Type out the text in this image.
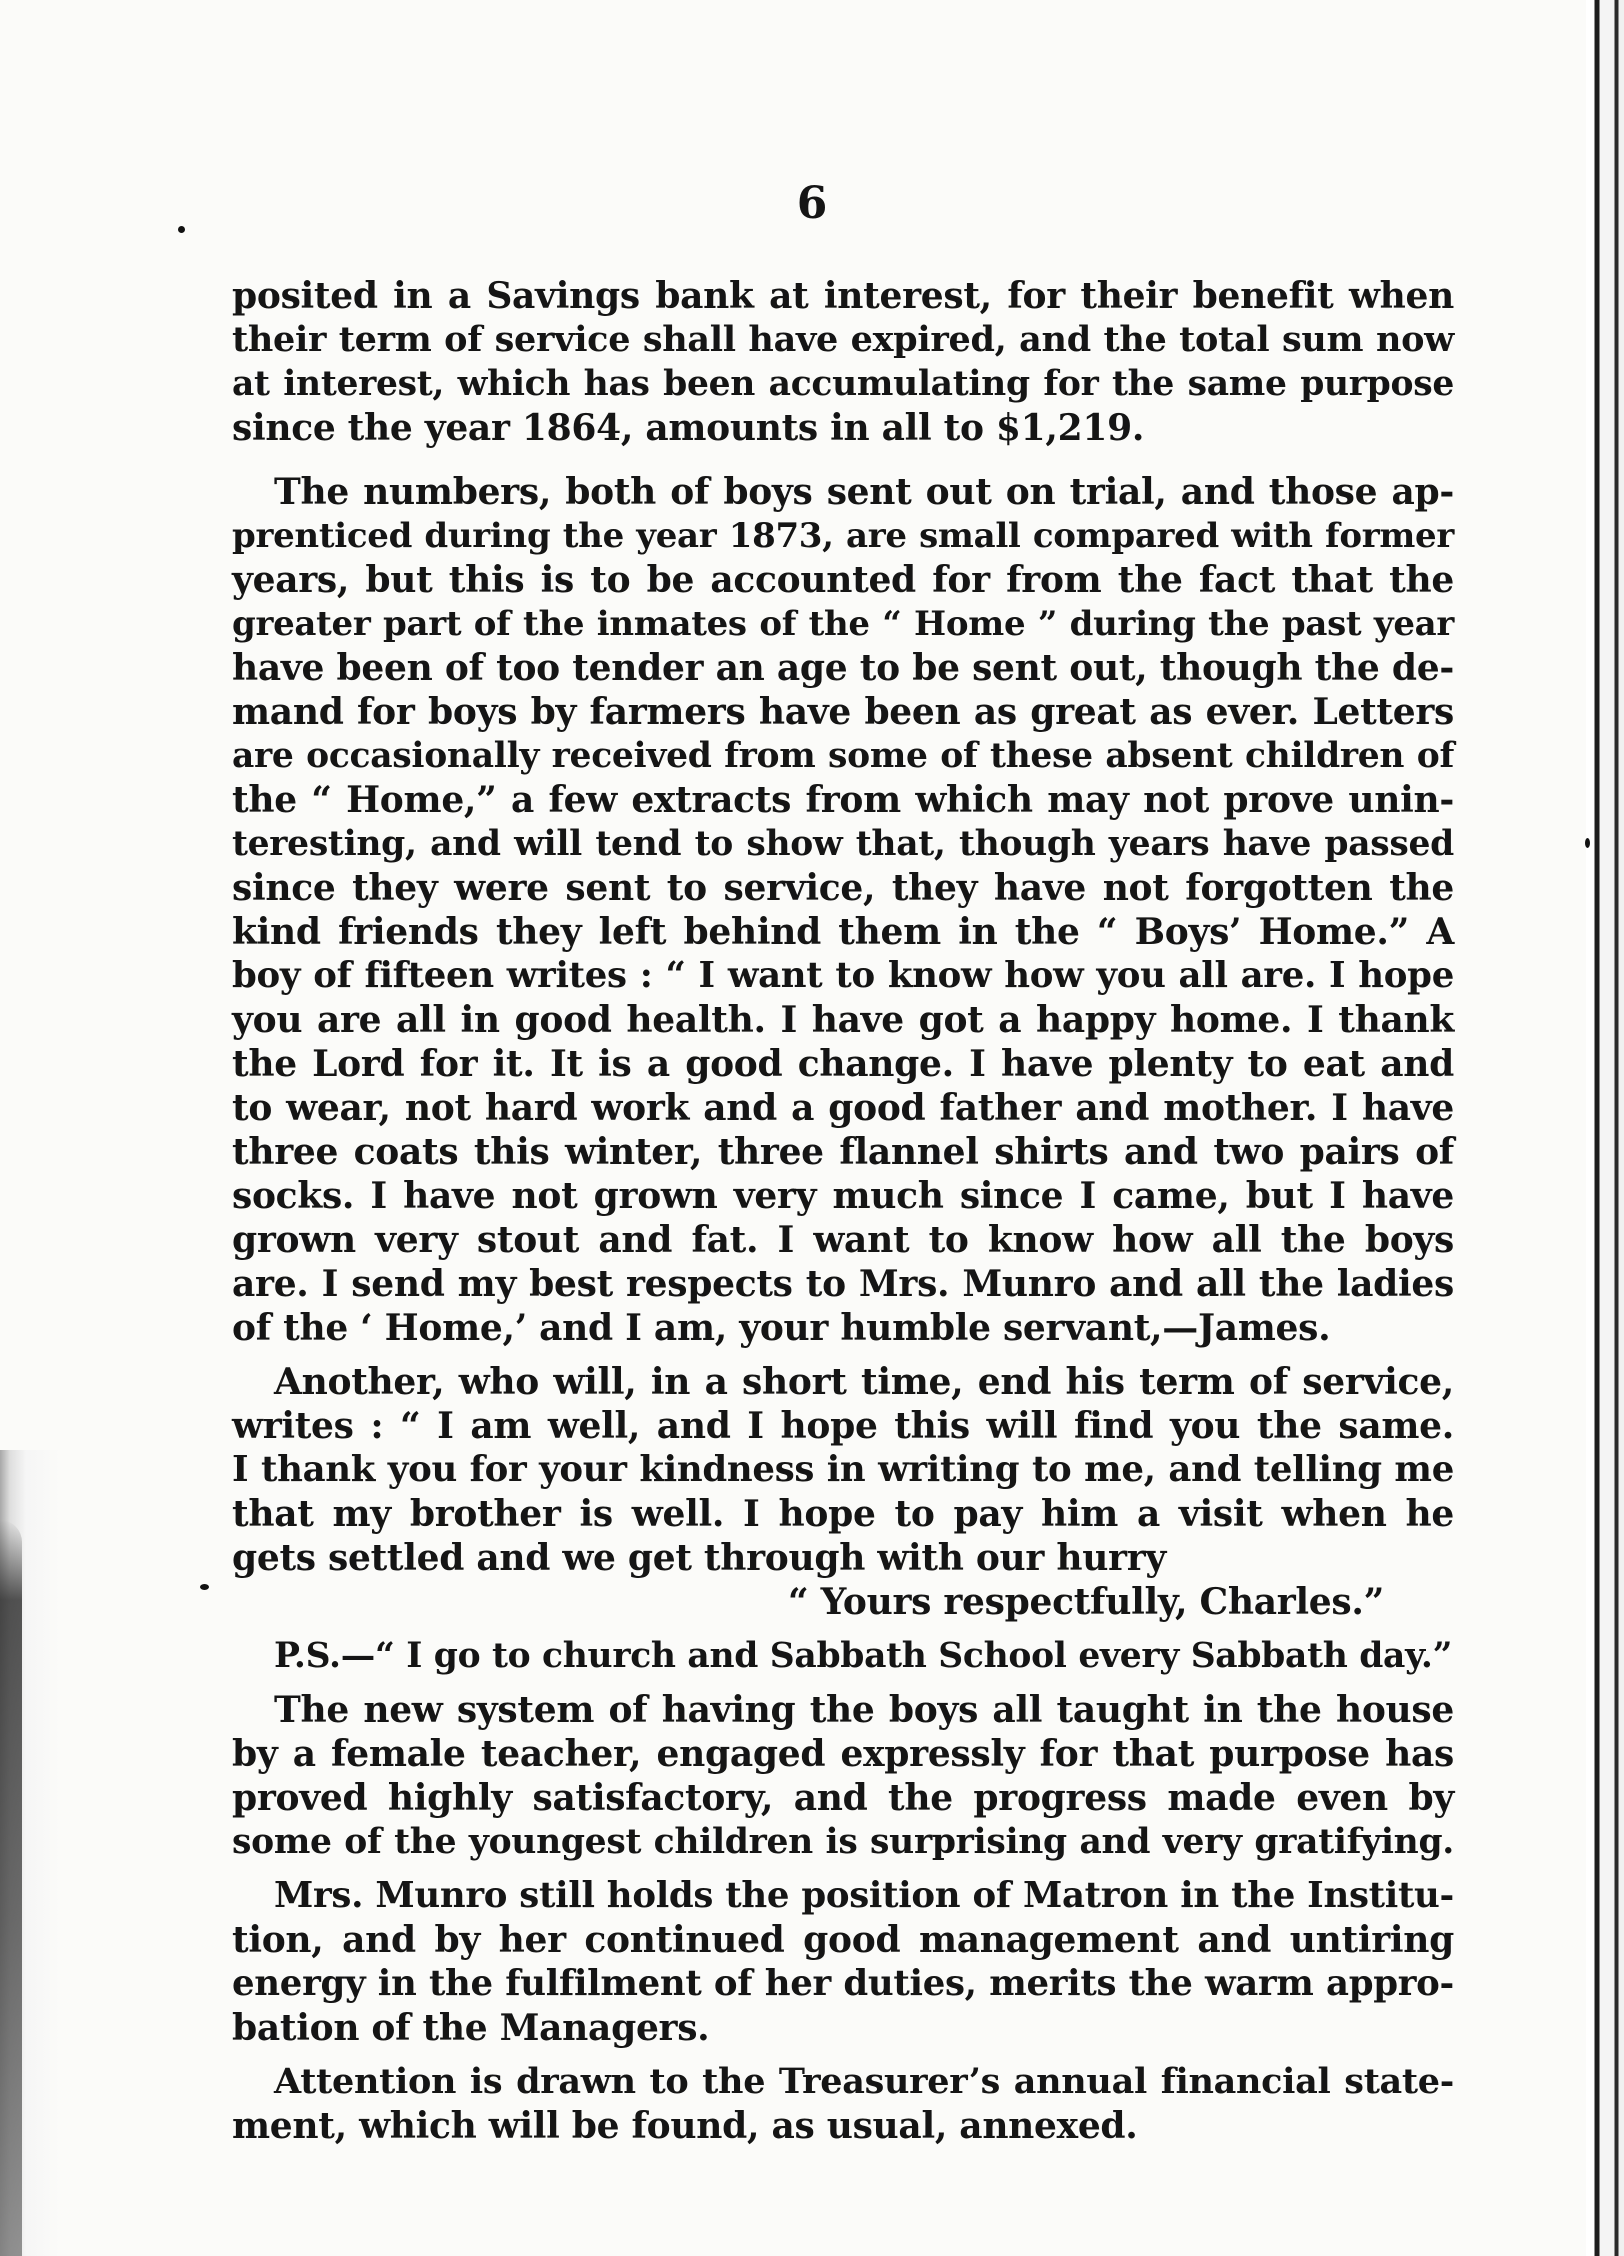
6
posited in a Savings bank at interest, for their benefit when
their term of service shall have expired, and the total sum now
at interest, which has been accumulating for the same purpose
since the year 1864, amounts in all to $1,219.
The numbers, both of boys sent out on trial, and those ap-
prenticed during the year 1873, are small compared with former
years, but this is to be accounted for from the fact that the
greater part of the inmates of the “ Home ” during the past year
have been of too tender an age to be sent out, though the de-
mand for boys by farmers have been as great as ever. Letters
are occasionally received from some of these absent children of
the “ Home,” a few extracts from which may not prove unin-
teresting, and will tend to show that, though years have passed
since they were sent to service, they have not forgotten the
kind friends they left behind them in the “ Boys’ Home.” A
boy of fifteen writes : “ I want to know how you all are. I hope
you are all in good health. I have got a happy home. I thank
the Lord for it. It is a good change. I have plenty to eat and
to wear, not hard work and a good father and mother. I have
three coats this winter, three flannel shirts and two pairs of
socks. I have not grown very much since I came, but I have
grown very stout and fat. I want to know how all the boys
are. I send my best respects to Mrs. Munro and all the ladies
of the ‘ Home,’ and I am, your humble servant,—James.
Another, who will, in a short time, end his term of service,
writes : “ I am well, and I hope this will find you the same.
I thank you for your kindness in writing to me, and telling me
that my brother is well. I hope to pay him a visit when he
gets settled and we get through with our hurry
“ Yours respectfully, Charles.”
P.S.—“ I go to church and Sabbath School every Sabbath day.”
The new system of having the boys all taught in the house
by a female teacher, engaged expressly for that purpose has
proved highly satisfactory, and the progress made even by
some of the youngest children is surprising and very gratifying.
Mrs. Munro still holds the position of Matron in the Institu-
tion, and by her continued good management and untiring
energy in the fulfilment of her duties, merits the warm appro-
bation of the Managers.
Attention is drawn to the Treasurer’s annual financial state-
ment, which will be found, as usual, annexed.
